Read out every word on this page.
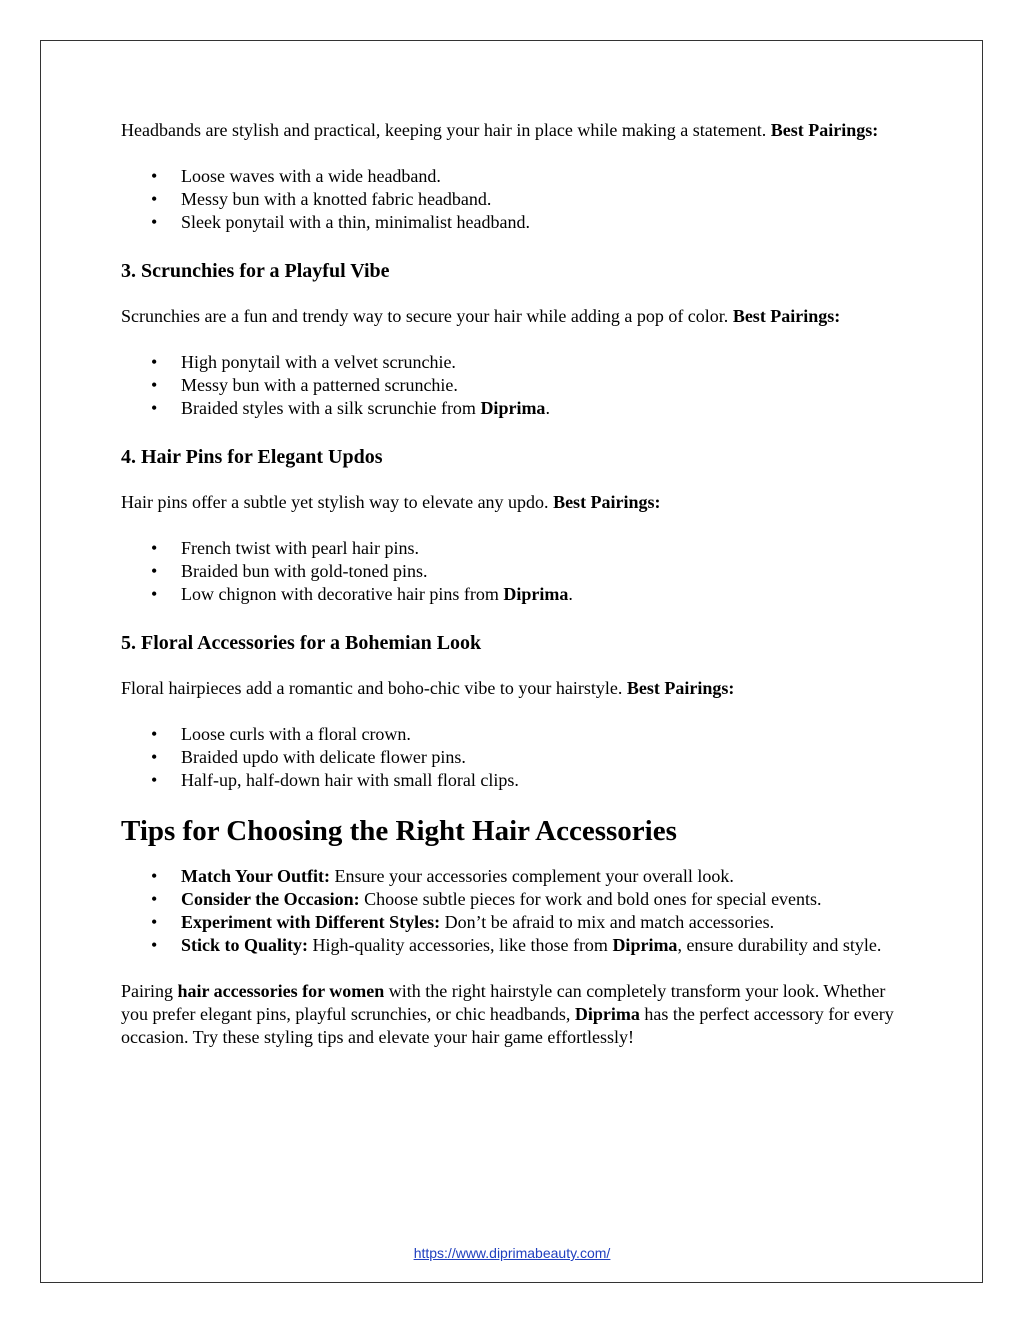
Headbands are stylish and practical, keeping your hair in place while making a statement. Best Pairings:

• Loose waves with a wide headband.
• Messy bun with a knotted fabric headband.
• Sleek ponytail with a thin, minimalist headband.
3. Scrunchies for a Playful Vibe

Scrunchies are a fun and trendy way to secure your hair while adding a pop of color. Best Pairings:

• High ponytail with a velvet scrunchie.
• Messy bun with a patterned scrunchie.
• Braided styles with a silk scrunchie from Diprima.
4. Hair Pins for Elegant Updos

Hair pins offer a subtle yet stylish way to elevate any updo. Best Pairings:

• French twist with pearl hair pins.
• Braided bun with gold-toned pins.
• Low chignon with decorative hair pins from Diprima.
5. Floral Accessories for a Bohemian Look

Floral hairpieces add a romantic and boho-chic vibe to your hairstyle. Best Pairings:

• Loose curls with a floral crown.
• Braided updo with delicate flower pins.
• Half-up, half-down hair with small floral clips.
Tips for Choosing the Right Hair Accessories
• Match Your Outfit: Ensure your accessories complement your overall look.
• Consider the Occasion: Choose subtle pieces for work and bold ones for special events.
• Experiment with Different Styles: Don’t be afraid to mix and match accessories.
• Stick to Quality: High-quality accessories, like those from Diprima, ensure durability and style.

Pairing hair accessories for women with the right hairstyle can completely transform your look. Whether you prefer elegant pins, playful scrunchies, or chic headbands, Diprima has the perfect accessory for every occasion. Try these styling tips and elevate your hair game effortlessly!

https://www.diprimabeauty.com/
